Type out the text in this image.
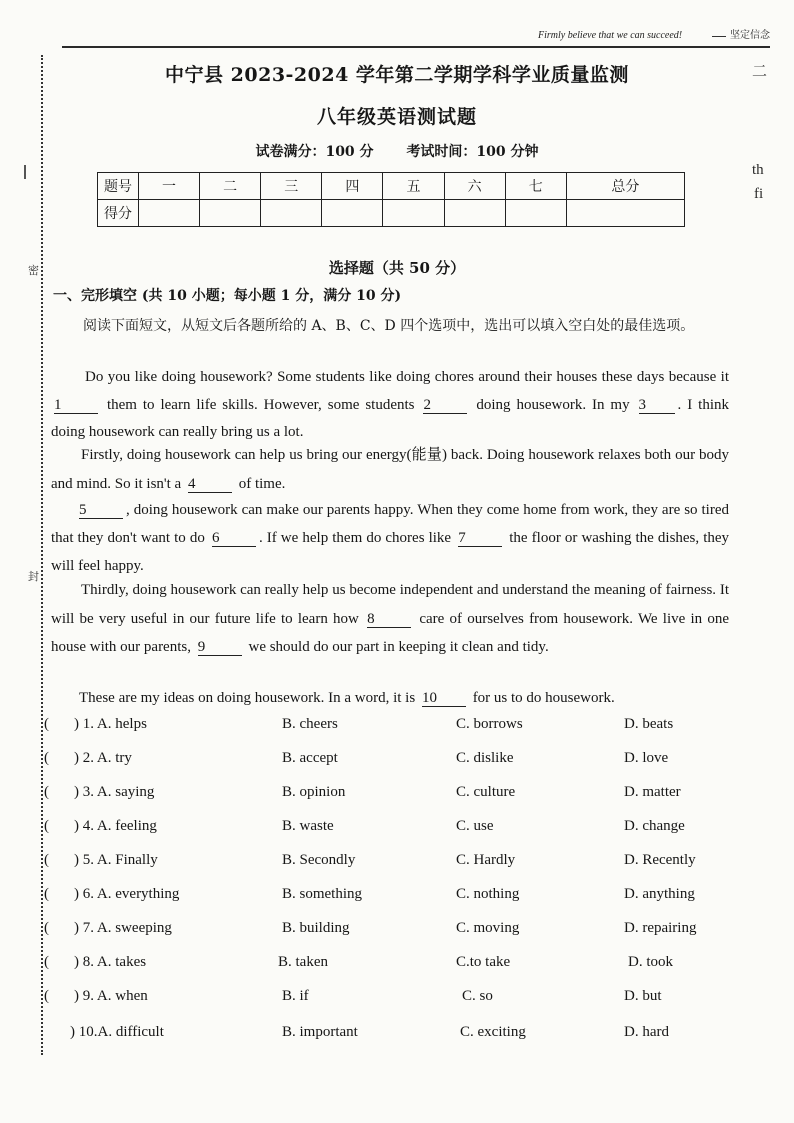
Firmly believe that we can succeed!	坚定信念
二
th
fi
密
封
中宁县 2023-2024 学年第二学期学科学业质量监测
八年级英语测试题
试卷满分：100 分 考试时间：100 分钟
题号	一	二	三	四	五	六	七	总分
得分								
选择题（共 50 分）
一、完形填空 (共 10 小题；每小题 1 分，满分 10 分)
阅读下面短文，从短文后各题所给的 A、B、C、D 四个选项中，选出可以填入空白处的最佳选项。
Do you like doing housework? Some students like doing chores around their houses these days because it 1	them to learn life skills. However, some students 2	doing housework. In my 3 . I think doing housework can really bring us a lot.
Firstly, doing housework can help us bring our energy(能量) back. Doing housework relaxes both our body and mind. So it isn't a 4	of time.
5	, doing housework can make our parents happy. When they come home from work, they are so tired that they don't want to do 6	. If we help them do chores like 7	the floor or washing the dishes, they will feel happy.
Thirdly, doing housework can really help us become independent and understand the meaning of fairness. It will be very useful in our future life to learn how 8	care of ourselves from housework. We live in one house with our parents, 9	we should do our part in keeping it clean and tidy.
These are my ideas on doing housework. In a word, it is 10 for us to do housework.
( ) 1. A. helps	B. cheers	C. borrows	D. beats
( ) 2. A. try	B. accept	C. dislike	D. love
( ) 3. A. saying	B. opinion	C. culture	D. matter
( ) 4. A. feeling	B. waste	C. use	D. change
( ) 5. A. Finally	B. Secondly	C. Hardly	D. Recently
( ) 6. A. everything	B. something	C. nothing	D. anything
( ) 7. A. sweeping	B. building	C. moving	D. repairing
( ) 8. A. takes	B. taken	C.to take	D. took
( ) 9. A. when	B. if	C. so	D. but
) 10.A. difficult	B. important	C. exciting	D. hard
